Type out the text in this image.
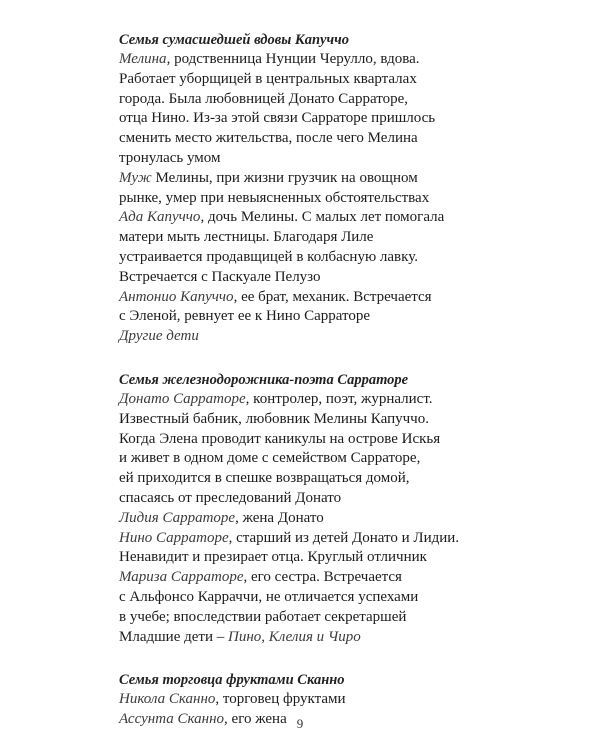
Семья сумасшедшей вдовы Капуччо
Мелина, родственница Нунции Черулло, вдова.
Работает уборщицей в центральных кварталах
города. Была любовницей Донато Сарраторе,
отца Нино. Из-за этой связи Сарраторе пришлось
сменить место жительства, после чего Мелина
тронулась умом
Муж Мелины, при жизни грузчик на овощном
рынке, умер при невыясненных обстоятельствах
Ада Капуччо, дочь Мелины. С малых лет помогала
матери мыть лестницы. Благодаря Лиле
устраивается продавщицей в колбасную лавку.
Встречается с Паскуале Пелузо
Антонио Капуччо, ее брат, механик. Встречается
с Эленой, ревнует ее к Нино Сарраторе
Другие дети
Семья железнодорожника-поэта Сарраторе
Донато Сарраторе, контролер, поэт, журналист.
Известный бабник, любовник Мелины Капуччо.
Когда Элена проводит каникулы на острове Искья
и живет в одном доме с семейством Сарраторе,
ей приходится в спешке возвращаться домой,
спасаясь от преследований Донато
Лидия Сарраторе, жена Донато
Нино Сарраторе, старший из детей Донато и Лидии.
Ненавидит и презирает отца. Круглый отличник
Мариза Сарраторе, его сестра. Встречается
с Альфонсо Карраччи, не отличается успехами
в учебе; впоследствии работает секретаршей
Младшие дети – Пино, Клелия и Чиро
Семья торговца фруктами Сканно
Никола Сканно, торговец фруктами
Ассунта Сканно, его жена 9
